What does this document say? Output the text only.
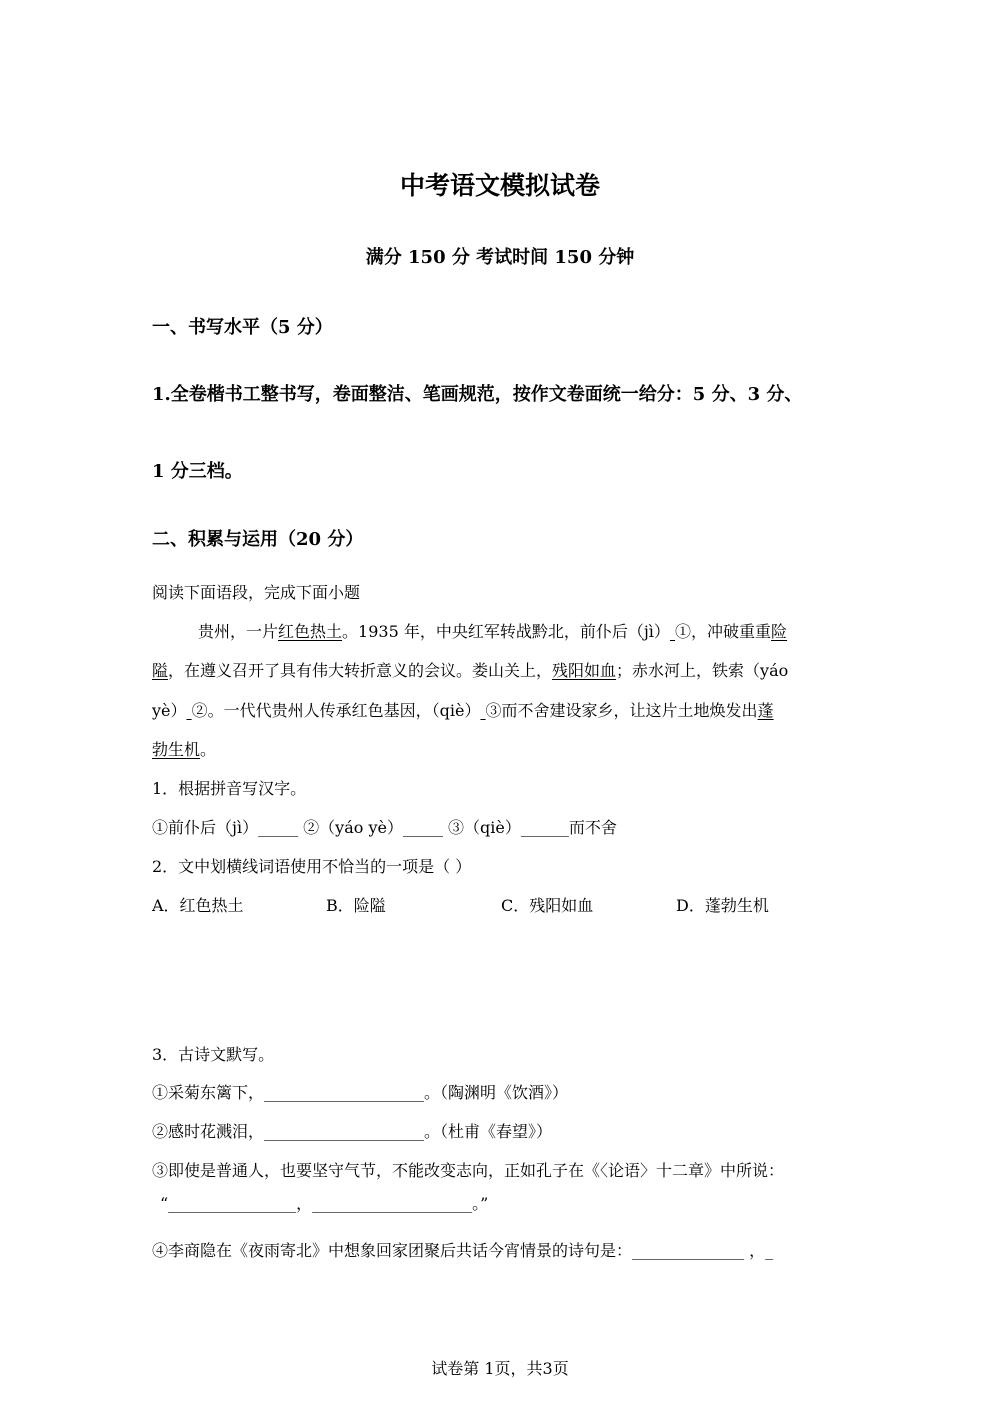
中考语文模拟试卷
满分 150 分 考试时间 150 分钟
一、书写水平（5 分）
1.全卷楷书工整书写，卷面整洁、笔画规范，按作文卷面统一给分：5 分、3 分、
1 分三档。
二、积累与运用（20 分）
阅读下面语段，完成下面小题
贵州，一片红色热土。1935 年，中央红军转战黔北，前仆后（jì） ①，冲破重重险
隘，在遵义召开了具有伟大转折意义的会议。娄山关上，残阳如血；赤水河上，铁索（yáo
yè） ②。一代代贵州人传承红色基因，（qiè） ③而不舍建设家乡，让这片土地焕发出蓬
勃生机。
1．根据拼音写汉字。
①前仆后（jì）_____ ②（yáo yè）_____ ③（qiè）______而不舍
2．文中划横线词语使用不恰当的一项是（ ）
A．红色热土	B．险隘	C．残阳如血	D．蓬勃生机
3．古诗文默写。
①采菊东篱下，____________________。（陶渊明《饮酒》）
②感时花溅泪，____________________。（杜甫《春望》）
③即使是普通人，也要坚守气节，不能改变志向，正如孔子在《〈论语〉十二章》中所说：
“________________，____________________。”
④李商隐在《夜雨寄北》中想象回家团聚后共话今宵情景的诗句是：______________ ，_
试卷第 1页，共3页
